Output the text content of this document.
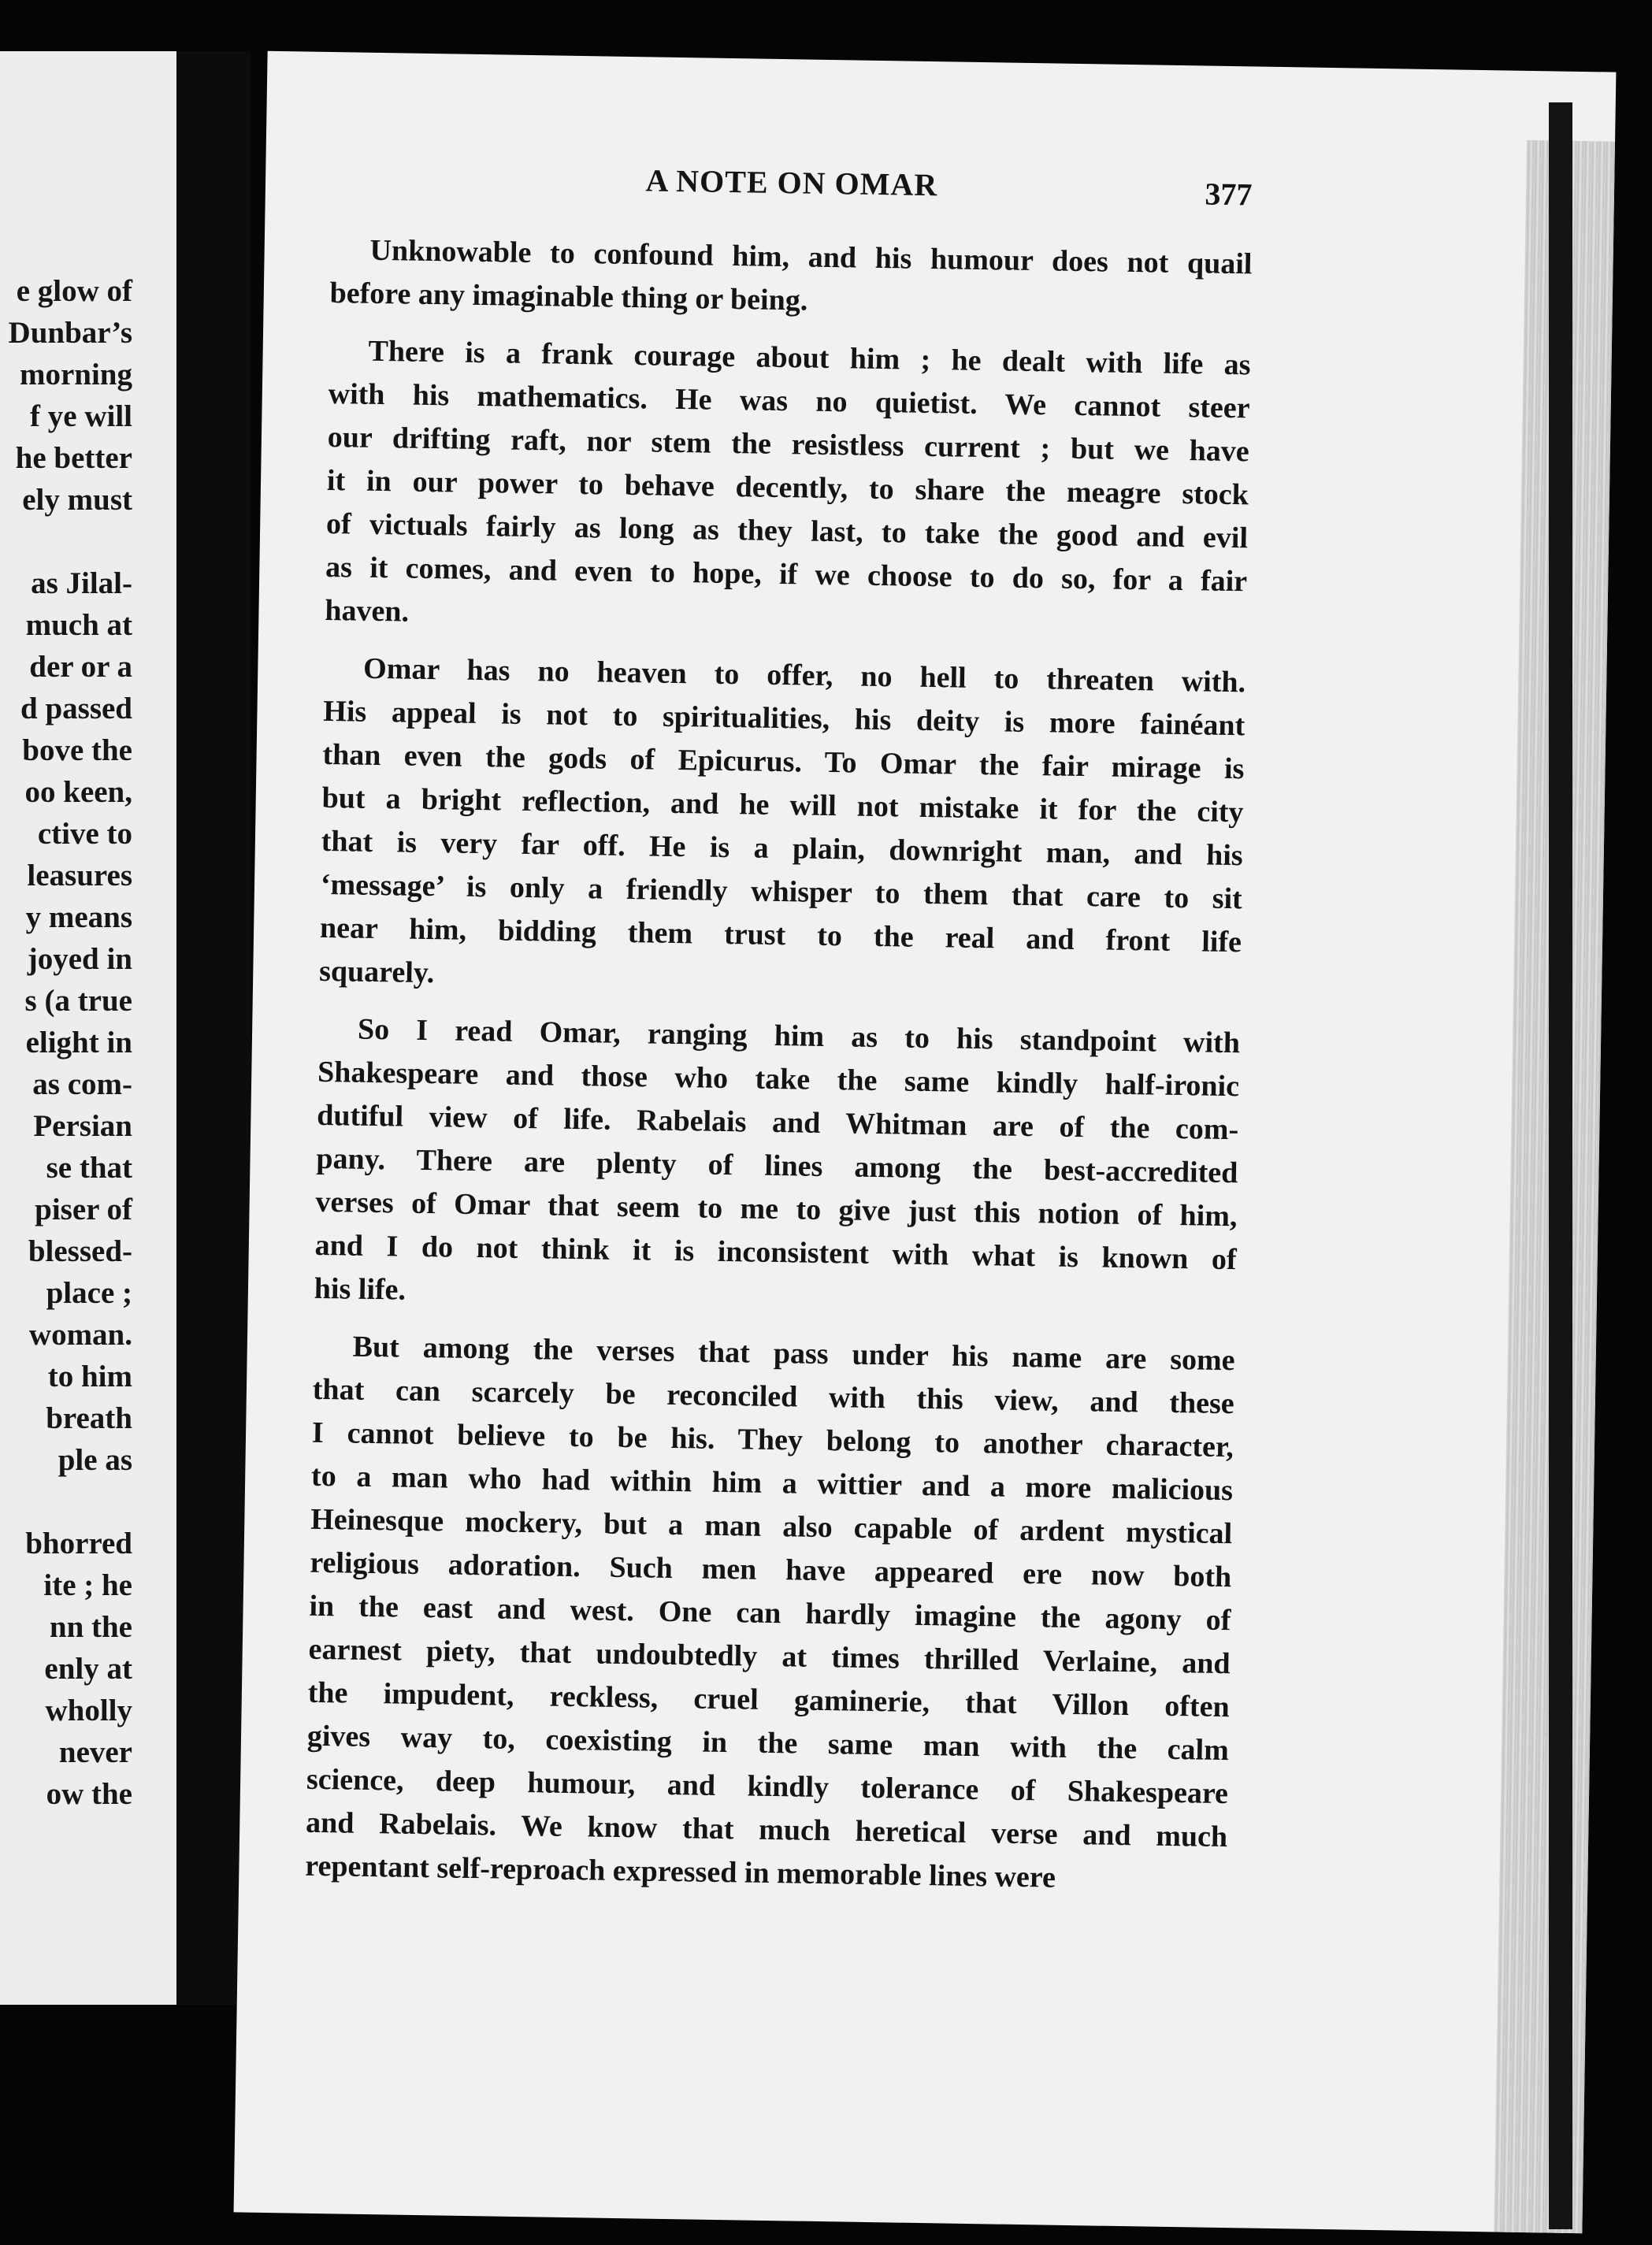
e glow of
Dunbar’s
morning
f ye will
he better
ely must
as Jilal-
much at
der or a
d passed
bove the
oo keen,
ctive to
leasures
y means
joyed in
s (a true
elight in
as com-
Persian
se that
piser of
blessed-
place ;
woman.
to him
breath
ple as
bhorred
ite ; he
nn the
enly at
wholly
never
ow the
A NOTE ON OMAR	377
Unknowable to confound him, and his humour does not quail
before any imaginable thing or being.
There is a frank courage about him ; he dealt with life as
with his mathematics. He was no quietist. We cannot steer
our drifting raft, nor stem the resistless current ; but we have
it in our power to behave decently, to share the meagre stock
of victuals fairly as long as they last, to take the good and evil
as it comes, and even to hope, if we choose to do so, for a fair
haven.
Omar has no heaven to offer, no hell to threaten with.
His appeal is not to spiritualities, his deity is more fainéant
than even the gods of Epicurus. To Omar the fair mirage is
but a bright reflection, and he will not mistake it for the city
that is very far off. He is a plain, downright man, and his
‘message’ is only a friendly whisper to them that care to sit
near him, bidding them trust to the real and front life
squarely.
So I read Omar, ranging him as to his standpoint with
Shakespeare and those who take the same kindly half-ironic
dutiful view of life. Rabelais and Whitman are of the com-
pany. There are plenty of lines among the best-accredited
verses of Omar that seem to me to give just this notion of him,
and I do not think it is inconsistent with what is known of
his life.
But among the verses that pass under his name are some
that can scarcely be reconciled with this view, and these
I cannot believe to be his. They belong to another character,
to a man who had within him a wittier and a more malicious
Heinesque mockery, but a man also capable of ardent mystical
religious adoration. Such men have appeared ere now both
in the east and west. One can hardly imagine the agony of
earnest piety, that undoubtedly at times thrilled Verlaine, and
the impudent, reckless, cruel gaminerie, that Villon often
gives way to, coexisting in the same man with the calm
science, deep humour, and kindly tolerance of Shakespeare
and Rabelais. We know that much heretical verse and much
repentant self-reproach expressed in memorable lines were
